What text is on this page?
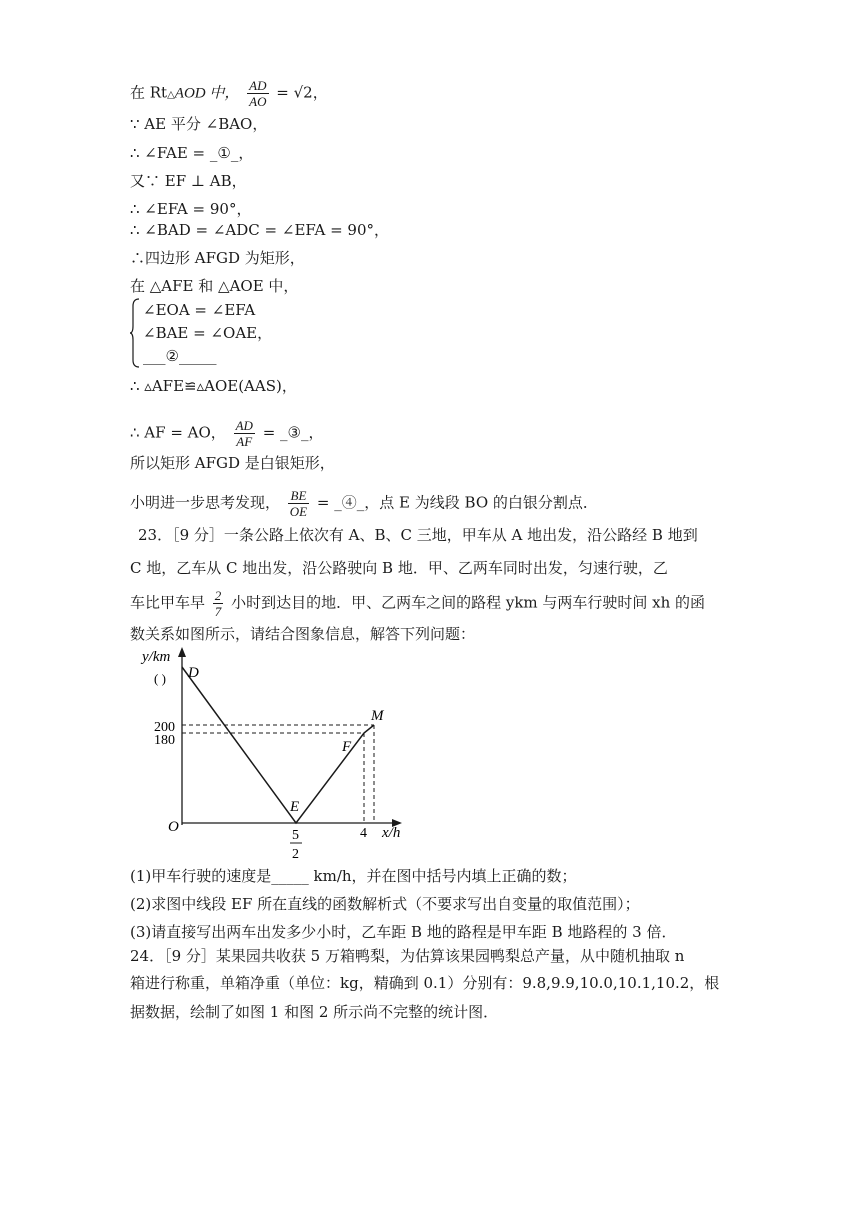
在 Rt△AOD 中， $\frac{AD}{AO} = √2$，
∵ AE 平分 ∠BAO，
∴ ∠FAE = _①_，
又∵ EF ⊥ AB，
∴ ∠EFA = 90°，
∴ ∠BAD = ∠ADC = ∠EFA = 90°，
∴四边形 AFGD 为矩形，
在 △AFE 和 △AOE 中，
∠EOA = ∠EFA
∠BAE = ∠OAE，
___②_____
∴ ▵AFE≌▵AOE(AAS)，
∴ AF = AO， $\frac{AD}{AF}$ = _③_，
所以矩形 AFGD 是白银矩形，
小明进一步思考发现， $\frac{BE}{OE}$ = _④_，点 E 为线段 BO 的白银分割点．
23．［9 分］一条公路上依次有 A、B、C 三地，甲车从 A 地出发，沿公路经 B 地到
C 地，乙车从 C 地出发，沿公路驶向 B 地．甲、乙两车同时出发，匀速行驶，乙
车比甲车早 $\frac{2}{7}$ 小时到达目的地．甲、乙两车之间的路程 ykm 与两车行驶时间 xh 的函
数关系如图所示，请结合图象信息，解答下列问题：
y/km
( ) D
200
180
M
F
E
O
5
2
4 x/h
(1)甲车行驶的速度是_____ km/h，并在图中括号内填上正确的数；
(2)求图中线段 EF 所在直线的函数解析式（不要求写出自变量的取值范围）；
(3)请直接写出两车出发多少小时，乙车距 B 地的路程是甲车距 B 地路程的 3 倍．
24．［9 分］某果园共收获 5 万箱鸭梨，为估算该果园鸭梨总产量，从中随机抽取 n
箱进行称重，单箱净重（单位：kg，精确到 0.1）分别有：9.8,9.9,10.0,10.1,10.2，根
据数据，绘制了如图 1 和图 2 所示尚不完整的统计图．
